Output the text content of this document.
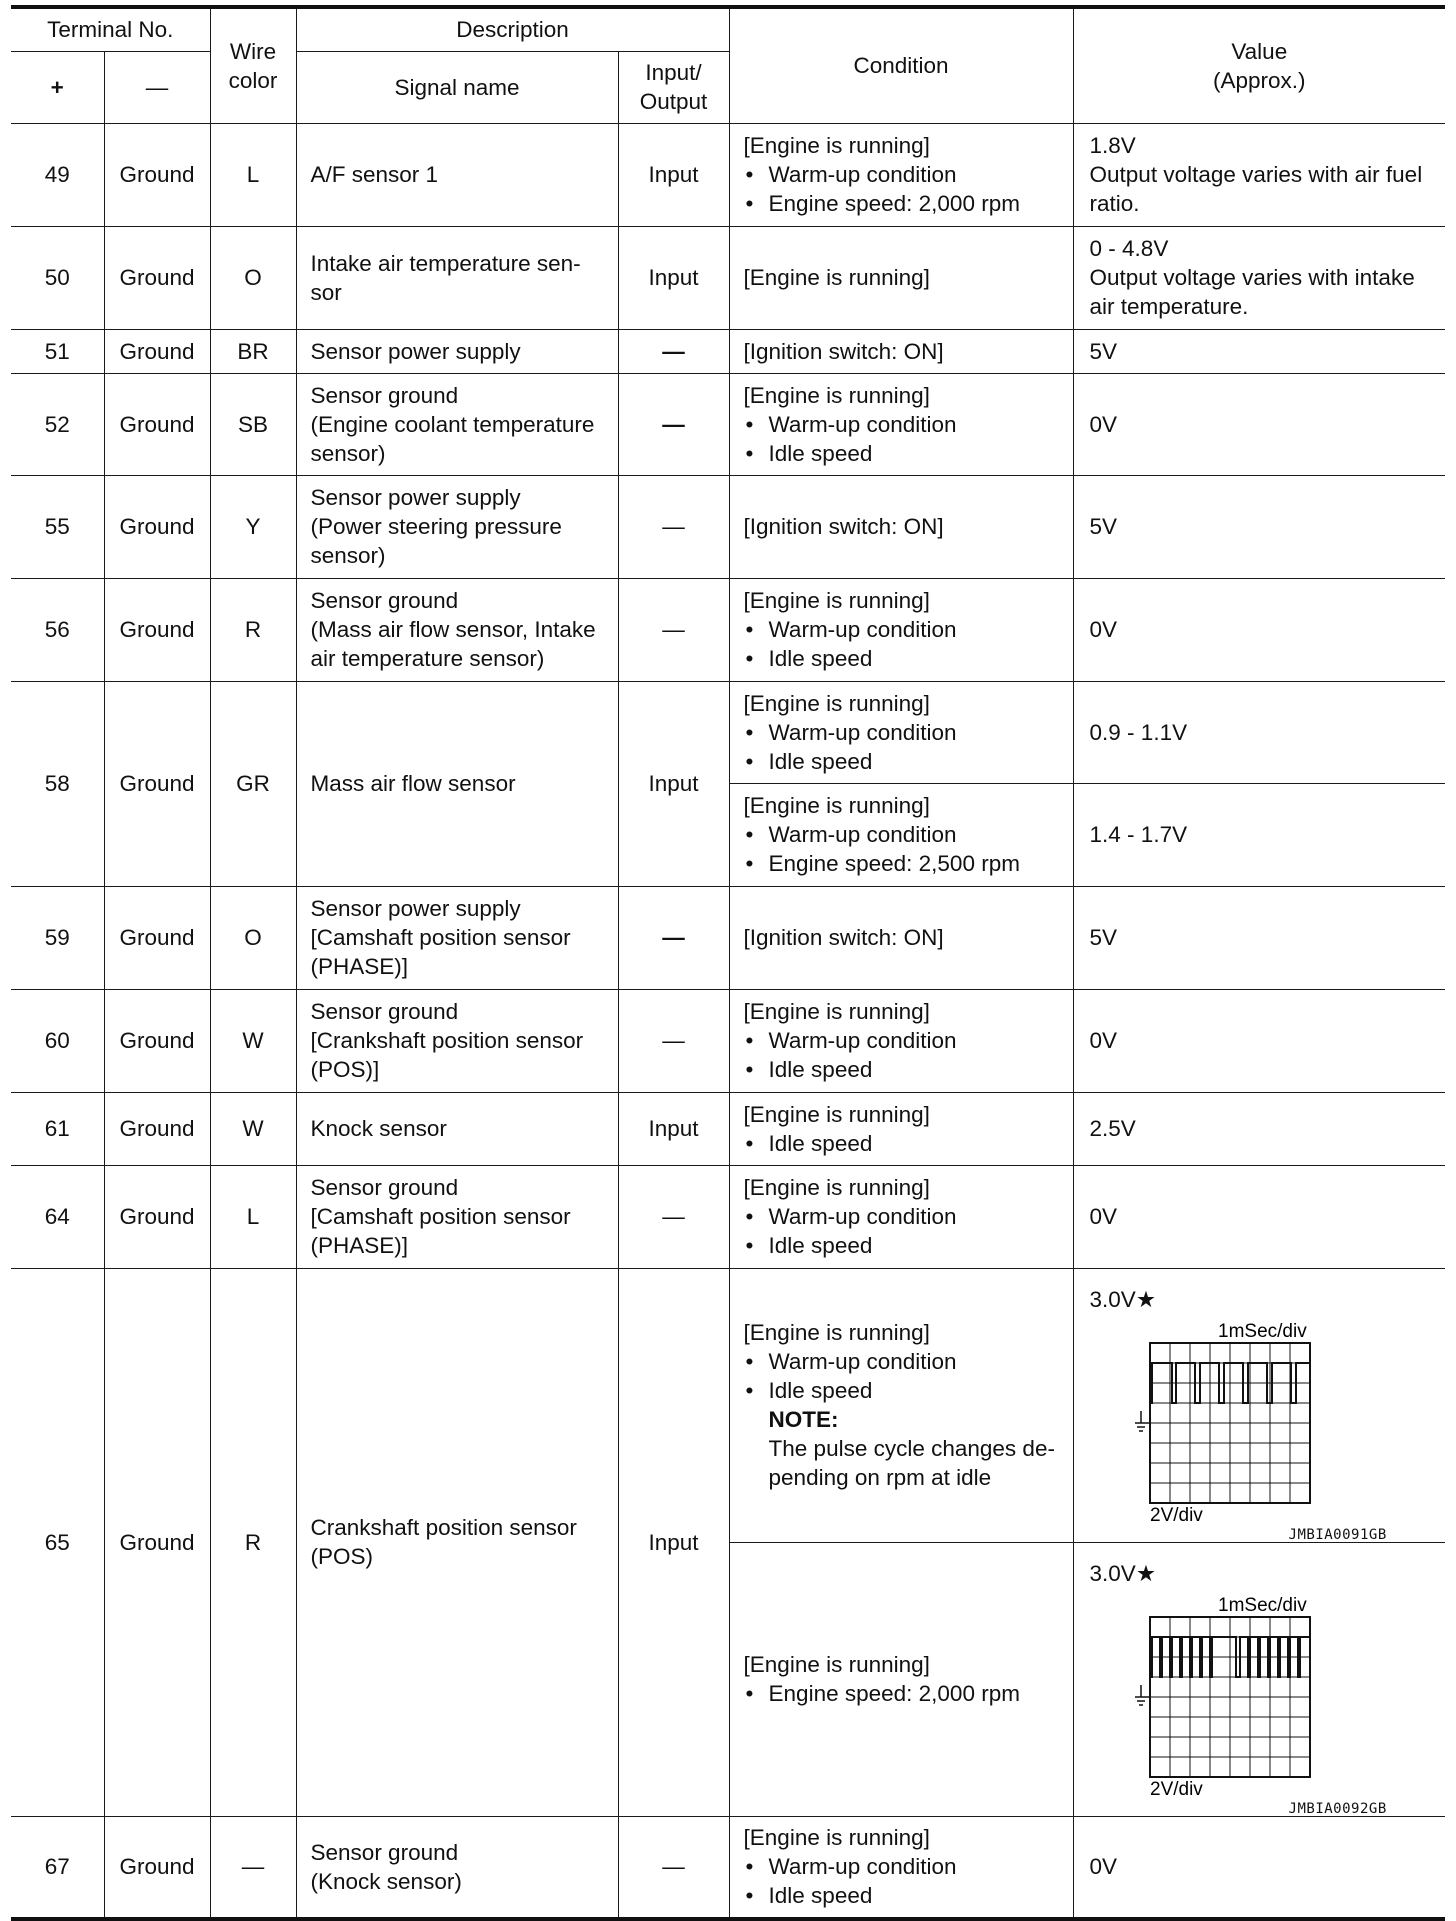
Terminal No.		Wire
color	Description		Condition	Value
(Approx.)
+	—		Signal name	Input/
Output		
49	Ground	L	A/F sensor 1	Input	[Engine is running]
• Warm-up condition
• Engine speed: 2,000 rpm	1.8V
Output voltage varies with air fuel ratio.
50	Ground	O	Intake air temperature sen-sor	Input	[Engine is running]	0 - 4.8V
Output voltage varies with intake air temperature.
51	Ground	BR	Sensor power supply	—	[Ignition switch: ON]	5V
52	Ground	SB	Sensor ground
(Engine coolant temperature sensor)	—	[Engine is running]
• Warm-up condition
• Idle speed	0V
55	Ground	Y	Sensor power supply
(Power steering pressure sensor)	—	[Ignition switch: ON]	5V
56	Ground	R	Sensor ground
(Mass air flow sensor, Intake air temperature sensor)	—	[Engine is running]
• Warm-up condition
• Idle speed	0V
58	Ground	GR	Mass air flow sensor	Input	[Engine is running]
• Warm-up condition
• Idle speed	0.9 - 1.1V
					[Engine is running]
• Warm-up condition
• Engine speed: 2,500 rpm	1.4 - 1.7V
59	Ground	O	Sensor power supply
[Camshaft position sensor (PHASE)]	—	[Ignition switch: ON]	5V
60	Ground	W	Sensor ground
[Crankshaft position sensor (POS)]	—	[Engine is running]
• Warm-up condition
• Idle speed	0V
61	Ground	W	Knock sensor	Input	[Engine is running]
• Idle speed	2.5V
64	Ground	L	Sensor ground
[Camshaft position sensor (PHASE)]	—	[Engine is running]
• Warm-up condition
• Idle speed	0V
65	Ground	R	Crankshaft position sensor (POS)	Input	[Engine is running]
• Warm-up condition
• Idle speed
NOTE:
The pulse cycle changes de-pending on rpm at idle	3.0V★
1mSec/div
2V/div
JMBIA0091GB

					[Engine is running]
• Engine speed: 2,000 rpm	3.0V★
1mSec/div
2V/div
JMBIA0092GB

67	Ground	—	Sensor ground
(Knock sensor)	—	[Engine is running]
• Warm-up condition
• Idle speed	0V
